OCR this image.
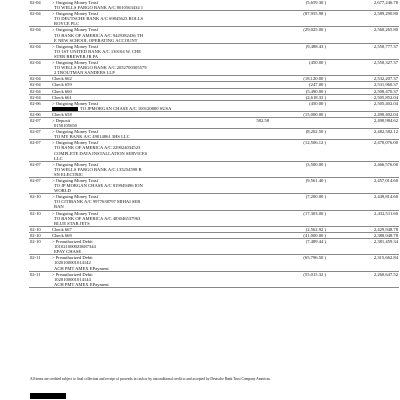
02-04	> Outgoing Money Trnsf
TO WELLS FARGO BANK A/C 8010563434 1		(5,659.30 )	2,677,246.78
02-04	> Outgoing Money Trnsf
TO DEUTSCHE BANK A/C 69845623 ROLLS
ROYCE PLC		(87,955.98 )	2,589,290.80
02-04	> Outgoing Money Trnsf
TO BANK OF AMERICA A/C 9429382436 TH
E NEW SCHOOL OPERATING ACCOUNT		(29,025.00 )	2,560,265.80
02-04	> Outgoing Money Trnsf
TO 1ST UNITED BANK A/C 130104 W. CHE
STER BREWER JR PA		(9,488.43 )	2,550,777.37
02-04	> Outgoing Money Trnsf
TO WELLS FARGO BANK A/C 2052700305579
2 TROUTMAN SANDERS LLP		(450.00 )	2,550,327.37
02-04	Check 662		(18,120.00 )	2,532,207.37
02-04	Check 659		(247.00 )	2,531,960.37
02-04	Check 660		(5,490.00 )	2,508,470.37
02-04	Check 661		(2,618.33 )	2,505,852.04
02-06	> Outgoing Money Trnsf
TO JPMORGAN CHASE A/C 100120800 SUSA		(450.00 )	2,505,402.04
02-06	Check 658		(15,000.00 )	2,490,402.04
02-07	> Deposit
0150105650	582.58		2,490,984.62
02-07	> Outgoing Money Trnsf
TO MY BANK A/C 49014861 3HS LLC		(8,202.50 )	2,482,582.12
02-07	> Outgoing Money Trnsf
TO BANK OF AMERICA A/C 229024034523
COMPLETE DATA INSTALLATION SERVICES
LLC		(12,506.12 )	2,470,076.00
02-07	> Outgoing Money Trnsf
TO WELLS FARGO BANK A/C 135254598 B
SN ELECTRIC		(3,500.00 )	2,466,576.00
02-07	> Outgoing Money Trnsf
TO JP MORGAN CHASE A/C 819949496 ION
WORLD		(9,561.40 )	2,457,014.60
02-10	> Outgoing Money Trnsf
TO CITIBANK A/C 9977638797 MIHAI SER
BAN		(7,200.00 )	2,449,814.60
02-10	> Outgoing Money Trnsf
TO BANK OF AMERICA A/C 483046537963
BLUE STAR JETS		(17,303.00 )	2,432,511.60
02-10	Check 667		(2,562.92 )	2,429,948.78
02-10	Check 669		(41,000.00 )	2,388,948.78
02-10	> Preauthorized Debit
1010210000Z0687344
EPAY CHASE		(7,489.44 )	2,381,459.34
02-11	> Preauthorized Debit
1020100001014142
ACH PMT AMEX EPayment		(65,796.50 )	2,315,662.84
02-11	> Preauthorized Debit
1020100001014144
ACH PMT AMEX EPayment		(55,015.32 )	2,260,647.52
All items are credited subject to final collection and receipt of proceeds in cash or by unconditional credit to and accepted by Deutsche Bank Trust Company Americas.
